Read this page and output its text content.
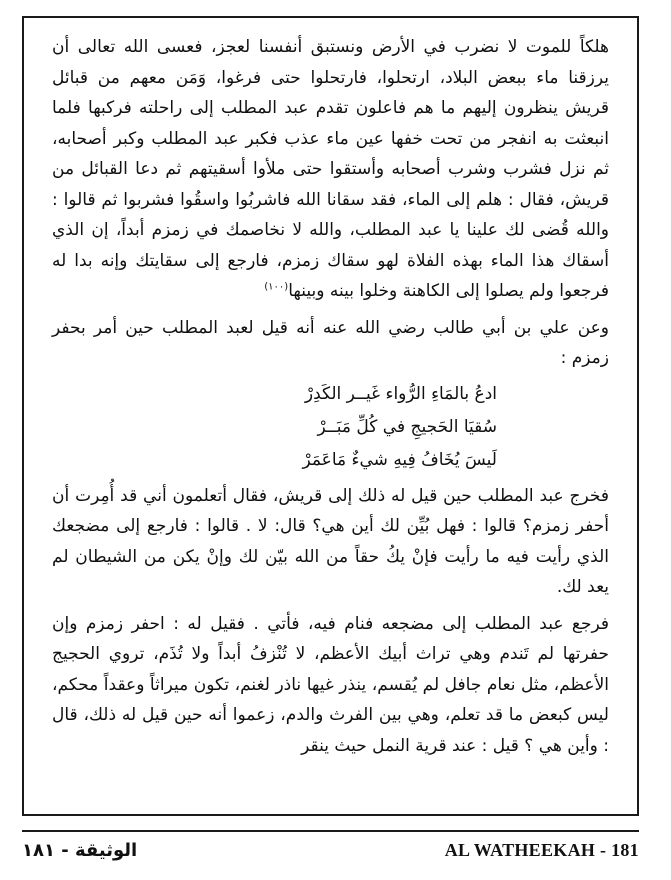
هلكاً للموت لا نضرب في الأرض ونستبق أنفسنا لعجز، فعسى الله تعالى أن يرزقنا ماء ببعض البلاد، ارتحلوا، فارتحلوا حتى فرغوا، وَمَن معهم من قبائل قريش ينظرون إليهم ما هم فاعلون تقدم عبد المطلب إلى راحلته فركبها فلما انبعثت به انفجر من تحت خفها عين ماء عذب فكبر عبد المطلب وكبر أصحابه، ثم نزل فشرب وشرب أصحابه وأستقوا حتى ملأوا أسقيتهم ثم دعا القبائل من قريش، فقال : هلم إلى الماء، فقد سقانا الله فاشربُوا واسقُوا فشربوا ثم قالوا : والله قُضى لك علينا يا عبد المطلب، والله لا نخاصمك في زمزم أبداً، إن الذي أسقاك هذا الماء بهذه الفلاة لهو سقاك زمزم، فارجع إلى سقايتك وإنه بدا له فرجعوا ولم يصلوا إلى الكاهنة وخلوا بينه وبينها$^{(١٠٠)}$

وعن علي بن أبي طالب رضي الله عنه أنه قيل لعبد المطلب حين أمر بحفر زمزم :

ادعُ بالمَاءِ الرُّواء غَيــر الكَدِرْ
سُقيَا الحَجيجِ في كُلِّ مَبَــرْ
لَيسَ يُخَافُ فِيهِ شيءٌ مَاعَمَرْ

فخرج عبد المطلب حين قيل له ذلك إلى قريش، فقال أتعلمون أني قد أُمِرت أن أحفر زمزم؟ قالوا : فهل بُيِّن لك أين هي؟ قال: لا . قالوا : فارجع إلى مضجعك الذي رأيت فيه ما رأيت فإنْ يكُ حقاً من الله بيّن لك وإنْ يكن من الشيطان لم يعد لك.

فرجع عبد المطلب إلى مضجعه فنام فيه، فأتي . فقيل له : احفر زمزم وإن حفرتها لم تَندم وهي تراث أبيك الأعظم، لا تُنْزفُ أبداً ولا تُذَم، تروي الحجيج الأعظم، مثل نعام جافل لم يُقسم، ينذر غيها ناذر لغنم، تكون ميراثاً وعقداً محكم، ليس كبعض ما قد تعلم، وهي بين الفرث والدم، زعموا أنه حين قيل له ذلك، قال : وأين هي ؟ قيل : عند قرية النمل حيث ينقر

الوثيقة - ١٨١	AL WATHEEKAH - 181
